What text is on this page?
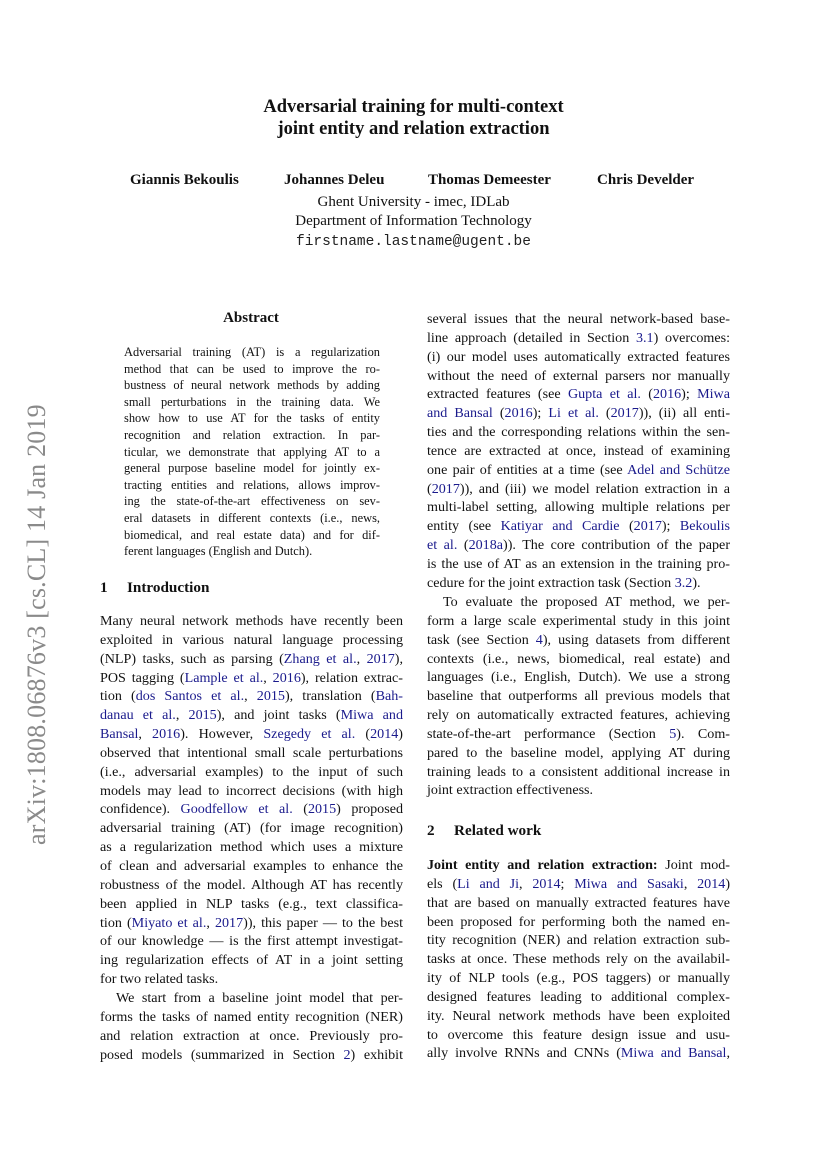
Adversarial training for multi-context
joint entity and relation extraction
Giannis Bekoulis	Johannes Deleu	Thomas Demeester	Chris Develder
Ghent University - imec, IDLab
Department of Information Technology
firstname.lastname@ugent.be
arXiv:1808.06876v3 [cs.CL] 14 Jan 2019
Abstract
Adversarial training (AT) is a regularization
method that can be used to improve the ro-
bustness of neural network methods by adding
small perturbations in the training data. We
show how to use AT for the tasks of entity
recognition and relation extraction. In par-
ticular, we demonstrate that applying AT to a
general purpose baseline model for jointly ex-
tracting entities and relations, allows improv-
ing the state-of-the-art effectiveness on sev-
eral datasets in different contexts (i.e., news,
biomedical, and real estate data) and for dif-
ferent languages (English and Dutch).
1 Introduction
Many neural network methods have recently been
exploited in various natural language processing
(NLP) tasks, such as parsing (Zhang et al., 2017),
POS tagging (Lample et al., 2016), relation extrac-
tion (dos Santos et al., 2015), translation (Bah-
danau et al., 2015), and joint tasks (Miwa and
Bansal, 2016). However, Szegedy et al. (2014)
observed that intentional small scale perturbations
(i.e., adversarial examples) to the input of such
models may lead to incorrect decisions (with high
confidence). Goodfellow et al. (2015) proposed
adversarial training (AT) (for image recognition)
as a regularization method which uses a mixture
of clean and adversarial examples to enhance the
robustness of the model. Although AT has recently
been applied in NLP tasks (e.g., text classifica-
tion (Miyato et al., 2017)), this paper — to the best
of our knowledge — is the first attempt investigat-
ing regularization effects of AT in a joint setting
for two related tasks.
We start from a baseline joint model that per-
forms the tasks of named entity recognition (NER)
and relation extraction at once. Previously pro-
posed models (summarized in Section 2) exhibit
several issues that the neural network-based base-
line approach (detailed in Section 3.1) overcomes:
(i) our model uses automatically extracted features
without the need of external parsers nor manually
extracted features (see Gupta et al. (2016); Miwa
and Bansal (2016); Li et al. (2017)), (ii) all enti-
ties and the corresponding relations within the sen-
tence are extracted at once, instead of examining
one pair of entities at a time (see Adel and Schütze
(2017)), and (iii) we model relation extraction in a
multi-label setting, allowing multiple relations per
entity (see Katiyar and Cardie (2017); Bekoulis
et al. (2018a)). The core contribution of the paper
is the use of AT as an extension in the training pro-
cedure for the joint extraction task (Section 3.2).
To evaluate the proposed AT method, we per-
form a large scale experimental study in this joint
task (see Section 4), using datasets from different
contexts (i.e., news, biomedical, real estate) and
languages (i.e., English, Dutch). We use a strong
baseline that outperforms all previous models that
rely on automatically extracted features, achieving
state-of-the-art performance (Section 5). Com-
pared to the baseline model, applying AT during
training leads to a consistent additional increase in
joint extraction effectiveness.
2 Related work
Joint entity and relation extraction: Joint mod-
els (Li and Ji, 2014; Miwa and Sasaki, 2014)
that are based on manually extracted features have
been proposed for performing both the named en-
tity recognition (NER) and relation extraction sub-
tasks at once. These methods rely on the availabil-
ity of NLP tools (e.g., POS taggers) or manually
designed features leading to additional complex-
ity. Neural network methods have been exploited
to overcome this feature design issue and usu-
ally involve RNNs and CNNs (Miwa and Bansal,
